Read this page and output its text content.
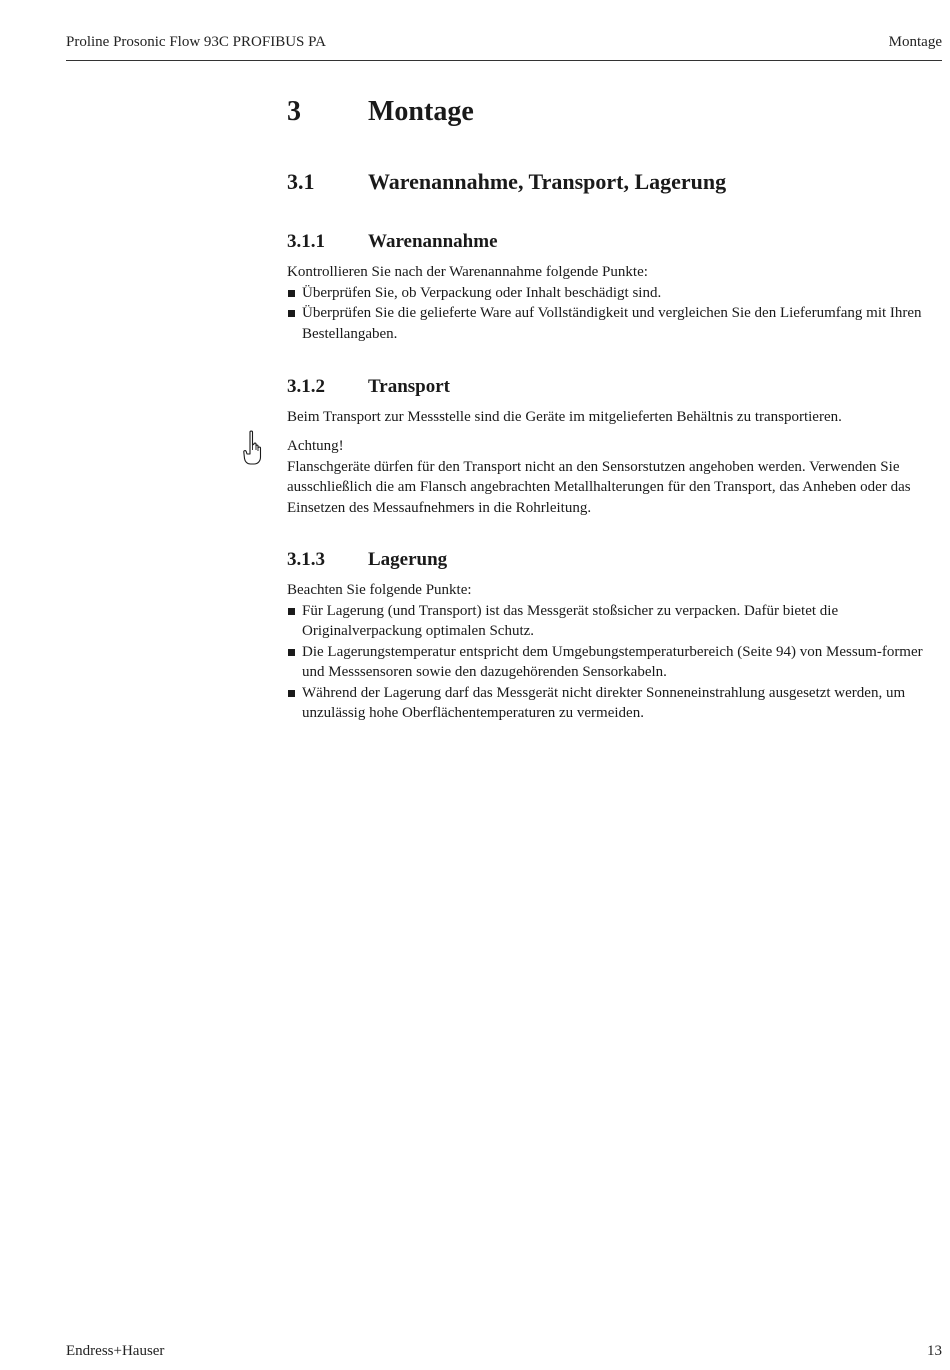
Proline Prosonic Flow 93C PROFIBUS PA	Montage
3	Montage
3.1	Warenannahme, Transport, Lagerung
3.1.1	Warenannahme
Kontrollieren Sie nach der Warenannahme folgende Punkte:
Überprüfen Sie, ob Verpackung oder Inhalt beschädigt sind.
Überprüfen Sie die gelieferte Ware auf Vollständigkeit und vergleichen Sie den Lieferumfang mit Ihren Bestellangaben.
3.1.2	Transport
Beim Transport zur Messstelle sind die Geräte im mitgelieferten Behältnis zu transportieren.
Achtung!
Flanschgeräte dürfen für den Transport nicht an den Sensorstutzen angehoben werden. Verwenden Sie ausschließlich die am Flansch angebrachten Metallhalterungen für den Transport, das Anheben oder das Einsetzen des Messaufnehmers in die Rohrleitung.
3.1.3	Lagerung
Beachten Sie folgende Punkte:
Für Lagerung (und Transport) ist das Messgerät stoßsicher zu verpacken. Dafür bietet die Originalverpackung optimalen Schutz.
Die Lagerungstemperatur entspricht dem Umgebungstemperaturbereich (Seite 94) von Messum-former und Messsensoren sowie den dazugehörenden Sensorkabeln.
Während der Lagerung darf das Messgerät nicht direkter Sonneneinstrahlung ausgesetzt werden, um unzulässig hohe Oberflächentemperaturen zu vermeiden.
Endress+Hauser	13
